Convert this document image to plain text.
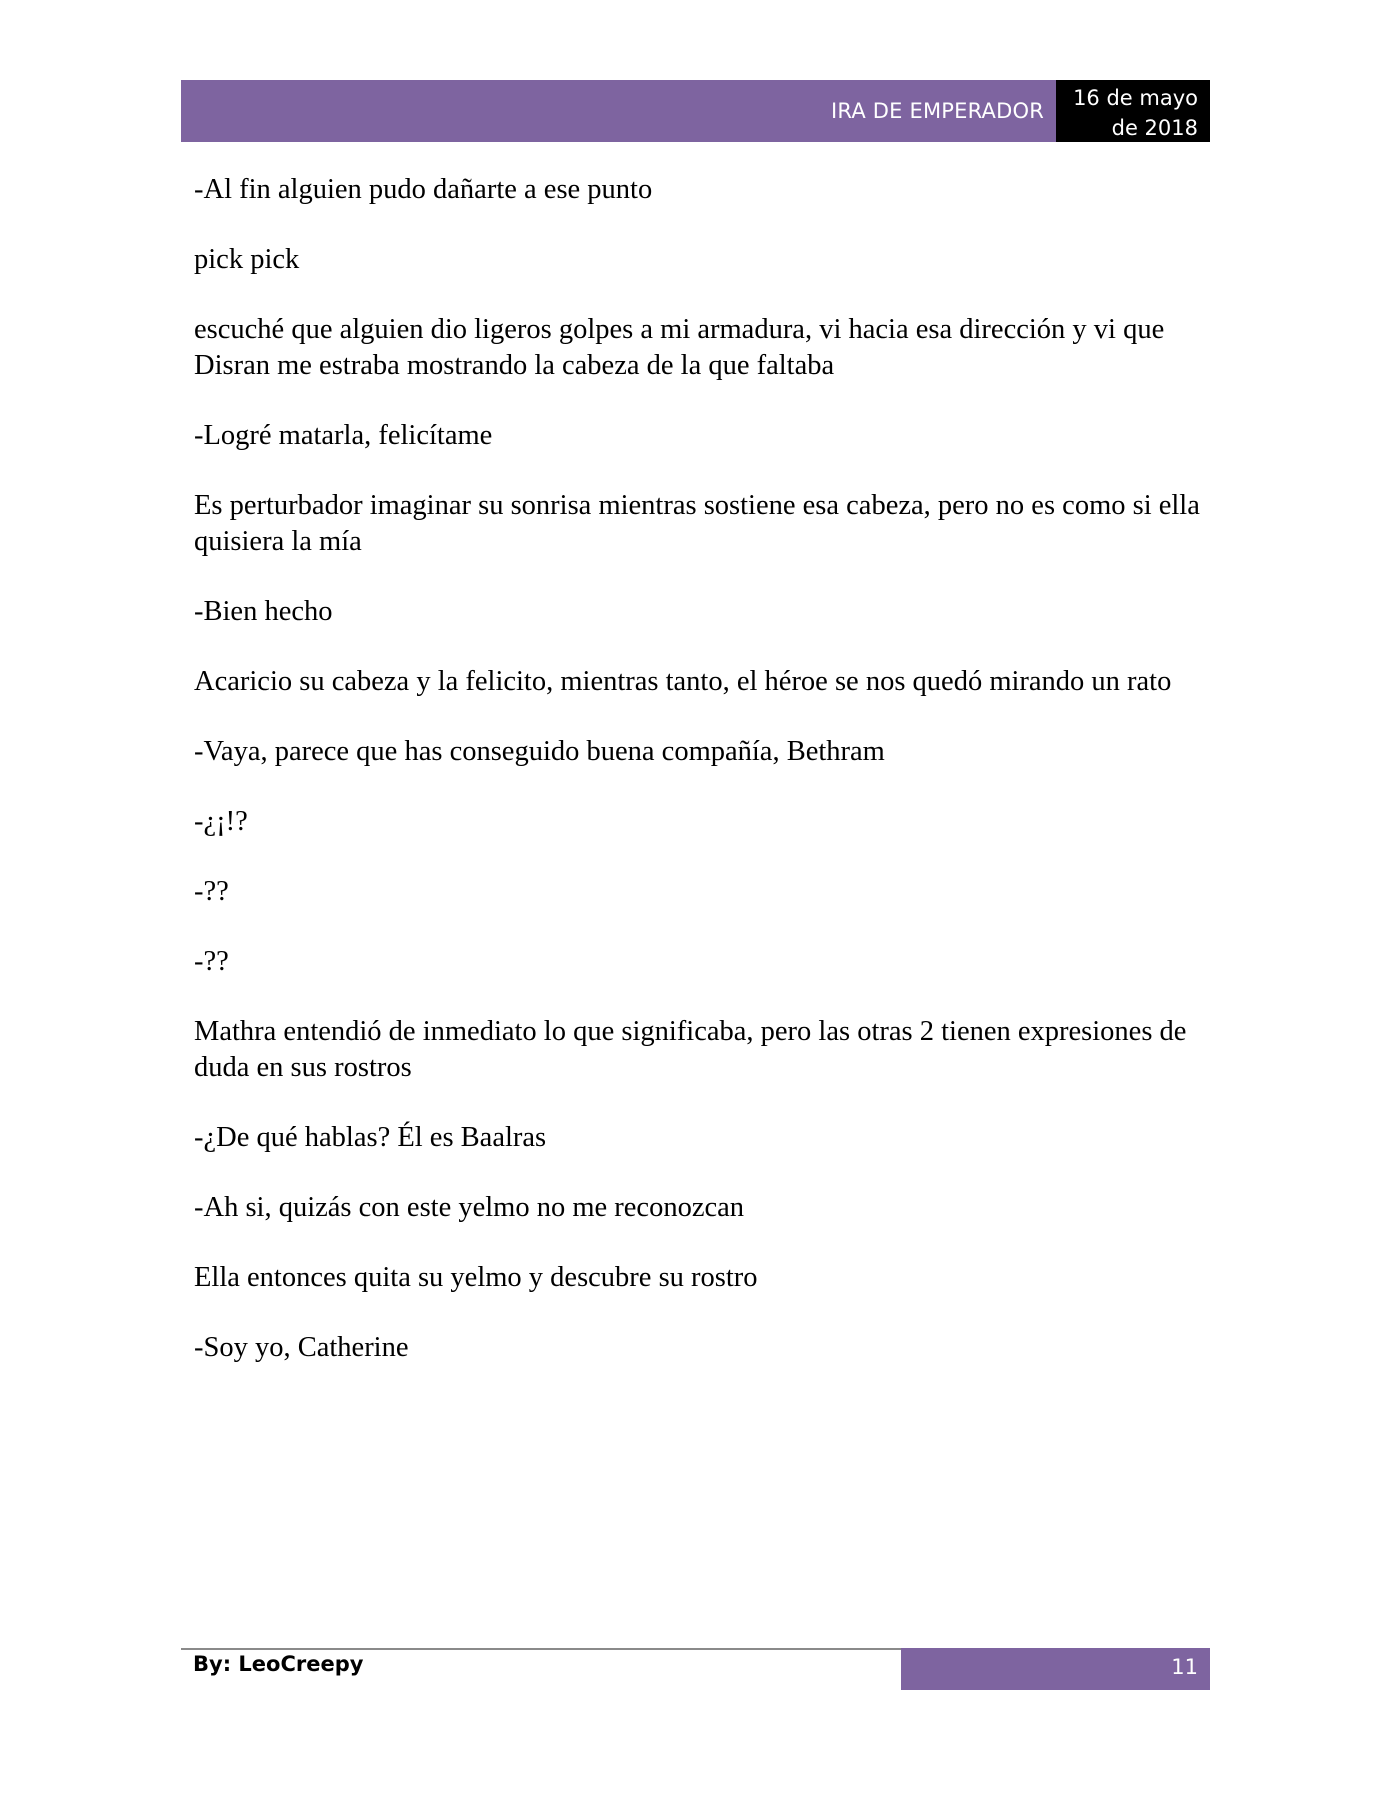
IRA DE EMPERADOR
16 de mayo
de 2018

-Al fin alguien pudo dañarte a ese punto

pick pick

escuché que alguien dio ligeros golpes a mi armadura, vi hacia esa dirección y vi que Disran me estraba mostrando la cabeza de la que faltaba

-Logré matarla, felicítame

Es perturbador imaginar su sonrisa mientras sostiene esa cabeza, pero no es como si ella quisiera la mía

-Bien hecho

Acaricio su cabeza y la felicito, mientras tanto, el héroe se nos quedó mirando un rato

-Vaya, parece que has conseguido buena compañía, Bethram

-¿¡!?

-??

-??

Mathra entendió de inmediato lo que significaba, pero las otras 2 tienen expresiones de duda en sus rostros

-¿De qué hablas? Él es Baalras

-Ah si, quizás con este yelmo no me reconozcan

Ella entonces quita su yelmo y descubre su rostro

-Soy yo, Catherine

By: LeoCreepy	11
